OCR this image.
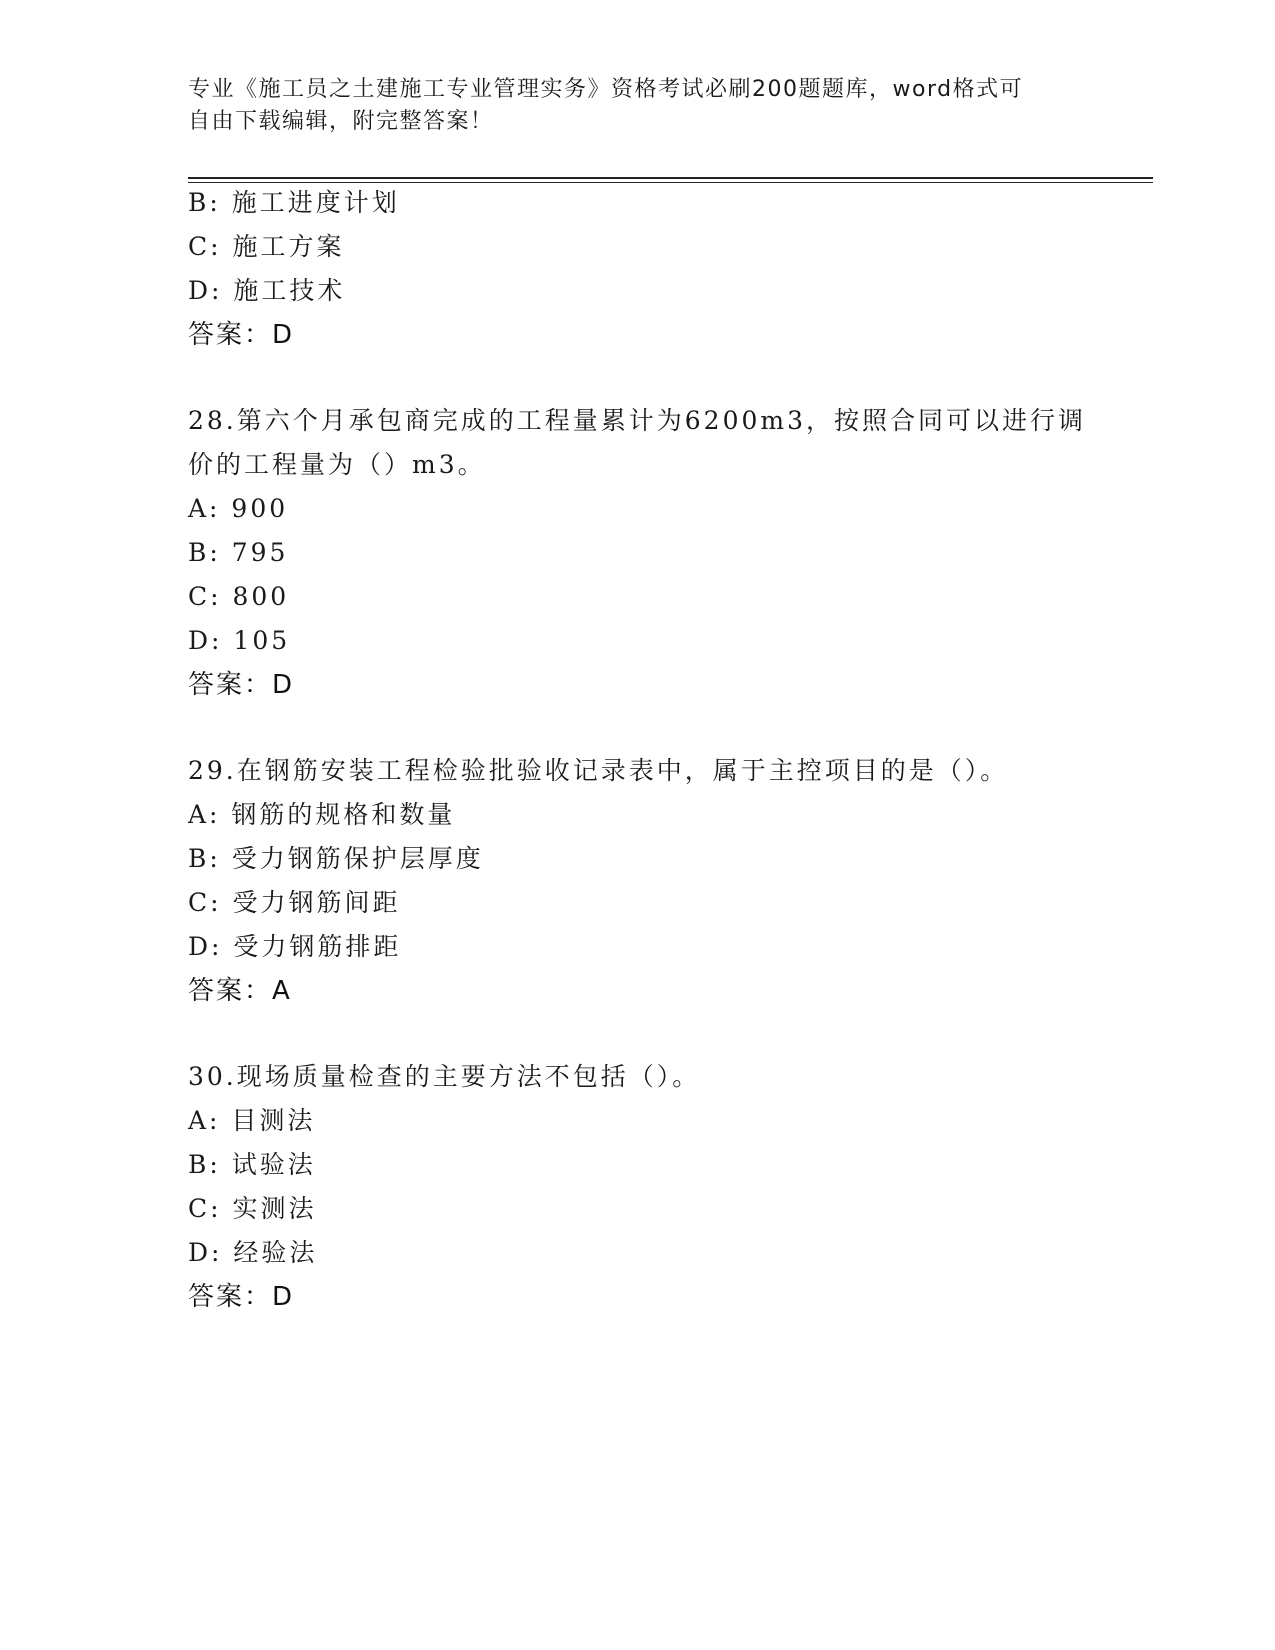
专业《施工员之土建施工专业管理实务》资格考试必刷200题题库，word格式可
自由下载编辑，附完整答案！
B: 施工进度计划
C: 施工方案
D: 施工技术
答案：D
28.第六个月承包商完成的工程量累计为6200m3，按照合同可以进行调
价的工程量为（）m3。
A: 900
B: 795
C: 800
D: 105
答案：D
29.在钢筋安装工程检验批验收记录表中，属于主控项目的是（）。
A: 钢筋的规格和数量
B: 受力钢筋保护层厚度
C: 受力钢筋间距
D: 受力钢筋排距
答案：A
30.现场质量检查的主要方法不包括（）。
A: 目测法
B: 试验法
C: 实测法
D: 经验法
答案：D
